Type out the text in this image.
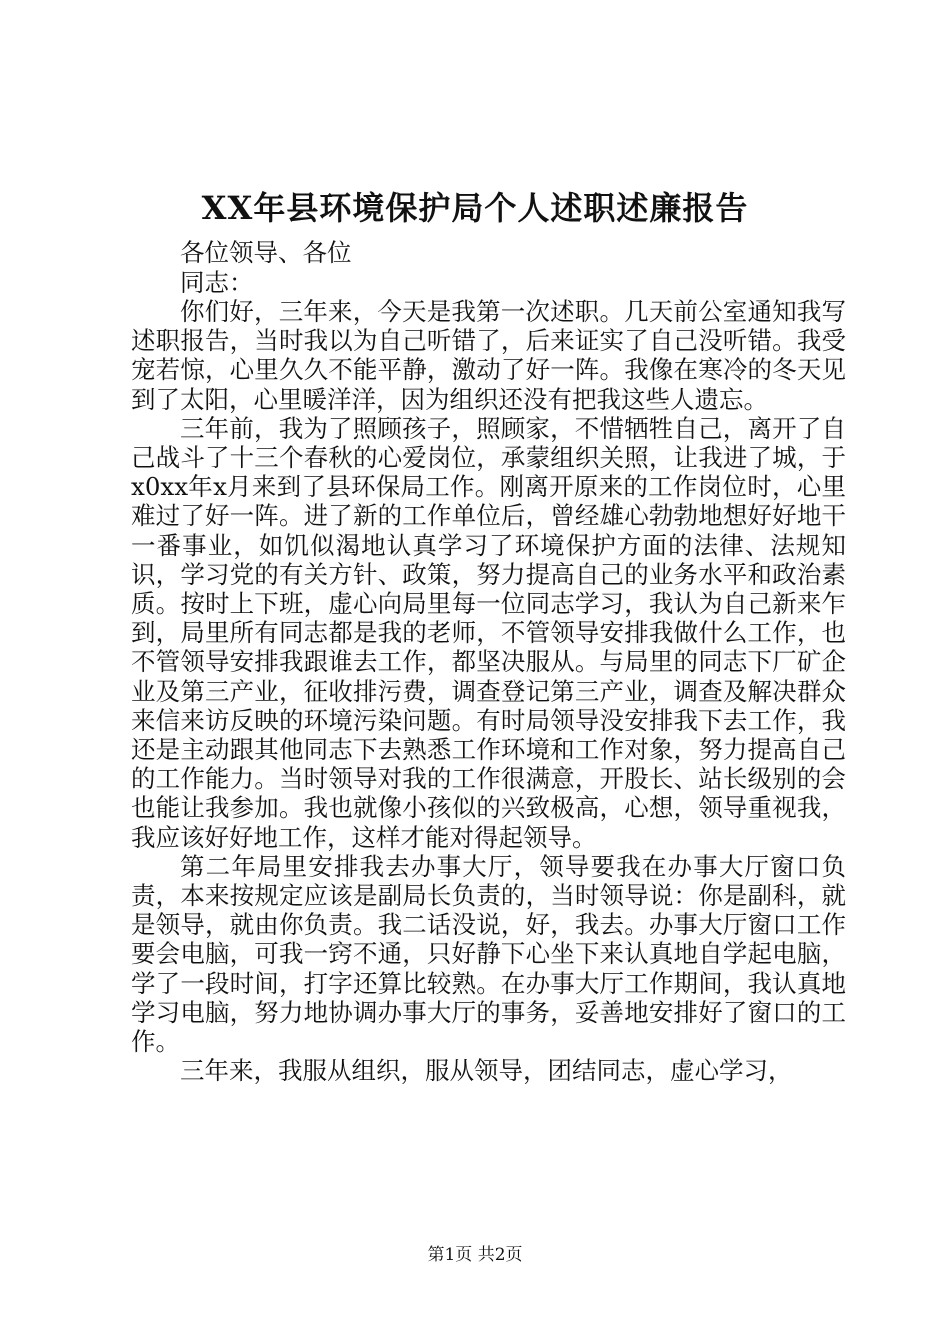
XX年县环境保护局个人述职述廉报告
各位领导、各位
同志：

你们好，三年来，今天是我第一次述职。几天前公室通知我写述职报告，当时我以为自己听错了，后来证实了自己没听错。我受宠若惊，心里久久不能平静，激动了好一阵。我像在寒冷的冬天见到了太阳，心里暖洋洋，因为组织还没有把我这些人遗忘。

三年前，我为了照顾孩子，照顾家，不惜牺牲自己，离开了自己战斗了十三个春秋的心爱岗位，承蒙组织关照，让我进了城，于x0xx年x月来到了县环保局工作。刚离开原来的工作岗位时，心里难过了好一阵。进了新的工作单位后，曾经雄心勃勃地想好好地干一番事业，如饥似渴地认真学习了环境保护方面的法律、法规知识，学习党的有关方针、政策，努力提高自己的业务水平和政治素质。按时上下班，虚心向局里每一位同志学习，我认为自己新来乍到，局里所有同志都是我的老师，不管领导安排我做什么工作，也不管领导安排我跟谁去工作，都坚决服从。与局里的同志下厂矿企业及第三产业，征收排污费，调查登记第三产业，调查及解决群众来信来访反映的环境污染问题。有时局领导没安排我下去工作，我还是主动跟其他同志下去熟悉工作环境和工作对象，努力提高自己的工作能力。当时领导对我的工作很满意，开股长、站长级别的会也能让我参加。我也就像小孩似的兴致极高，心想，领导重视我，我应该好好地工作，这样才能对得起领导。

第二年局里安排我去办事大厅，领导要我在办事大厅窗口负责，本来按规定应该是副局长负责的，当时领导说：你是副科，就是领导，就由你负责。我二话没说，好，我去。办事大厅窗口工作要会电脑，可我一窍不通，只好静下心坐下来认真地自学起电脑，学了一段时间，打字还算比较熟。在办事大厅工作期间，我认真地学习电脑，努力地协调办事大厅的事务，妥善地安排好了窗口的工作。

三年来，我服从组织，服从领导，团结同志，虚心学习，

第1页 共2页
